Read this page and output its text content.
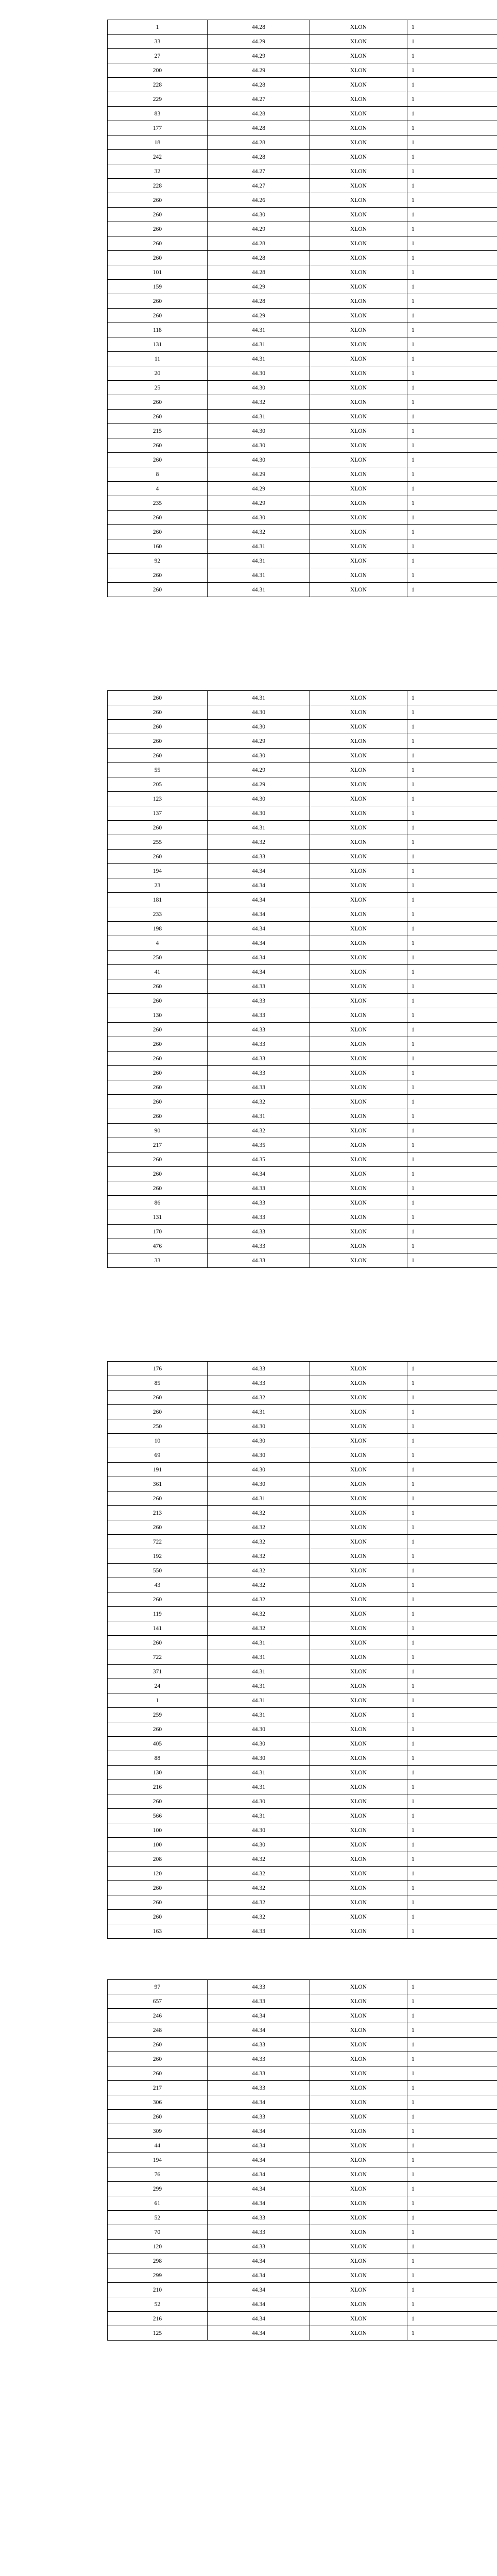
1	44.28	XLON	1
33	44.29	XLON	1
27	44.29	XLON	1
200	44.29	XLON	1
228	44.28	XLON	1
229	44.27	XLON	1
83	44.28	XLON	1
177	44.28	XLON	1
18	44.28	XLON	1
242	44.28	XLON	1
32	44.27	XLON	1
228	44.27	XLON	1
260	44.26	XLON	1
260	44.30	XLON	1
260	44.29	XLON	1
260	44.28	XLON	1
260	44.28	XLON	1
101	44.28	XLON	1
159	44.29	XLON	1
260	44.28	XLON	1
260	44.29	XLON	1
118	44.31	XLON	1
131	44.31	XLON	1
11	44.31	XLON	1
20	44.30	XLON	1
25	44.30	XLON	1
260	44.32	XLON	1
260	44.31	XLON	1
215	44.30	XLON	1
260	44.30	XLON	1
260	44.30	XLON	1
8	44.29	XLON	1
4	44.29	XLON	1
235	44.29	XLON	1
260	44.30	XLON	1
260	44.32	XLON	1
160	44.31	XLON	1
92	44.31	XLON	1
260	44.31	XLON	1
260	44.31	XLON	1
260	44.31	XLON	1
260	44.30	XLON	1
260	44.30	XLON	1
260	44.29	XLON	1
260	44.30	XLON	1
55	44.29	XLON	1
205	44.29	XLON	1
123	44.30	XLON	1
137	44.30	XLON	1
260	44.31	XLON	1
255	44.32	XLON	1
260	44.33	XLON	1
194	44.34	XLON	1
23	44.34	XLON	1
181	44.34	XLON	1
233	44.34	XLON	1
198	44.34	XLON	1
4	44.34	XLON	1
250	44.34	XLON	1
41	44.34	XLON	1
260	44.33	XLON	1
260	44.33	XLON	1
130	44.33	XLON	1
260	44.33	XLON	1
260	44.33	XLON	1
260	44.33	XLON	1
260	44.33	XLON	1
260	44.33	XLON	1
260	44.32	XLON	1
260	44.31	XLON	1
90	44.32	XLON	1
217	44.35	XLON	1
260	44.35	XLON	1
260	44.34	XLON	1
260	44.33	XLON	1
86	44.33	XLON	1
131	44.33	XLON	1
170	44.33	XLON	1
476	44.33	XLON	1
33	44.33	XLON	1
176	44.33	XLON	1
85	44.33	XLON	1
260	44.32	XLON	1
260	44.31	XLON	1
250	44.30	XLON	1
10	44.30	XLON	1
69	44.30	XLON	1
191	44.30	XLON	1
361	44.30	XLON	1
260	44.31	XLON	1
213	44.32	XLON	1
260	44.32	XLON	1
722	44.32	XLON	1
192	44.32	XLON	1
550	44.32	XLON	1
43	44.32	XLON	1
260	44.32	XLON	1
119	44.32	XLON	1
141	44.32	XLON	1
260	44.31	XLON	1
722	44.31	XLON	1
371	44.31	XLON	1
24	44.31	XLON	1
1	44.31	XLON	1
259	44.31	XLON	1
260	44.30	XLON	1
405	44.30	XLON	1
88	44.30	XLON	1
130	44.31	XLON	1
216	44.31	XLON	1
260	44.30	XLON	1
566	44.31	XLON	1
100	44.30	XLON	1
100	44.30	XLON	1
208	44.32	XLON	1
120	44.32	XLON	1
260	44.32	XLON	1
260	44.32	XLON	1
260	44.32	XLON	1
163	44.33	XLON	1
97	44.33	XLON	1
657	44.33	XLON	1
246	44.34	XLON	1
248	44.34	XLON	1
260	44.33	XLON	1
260	44.33	XLON	1
260	44.33	XLON	1
217	44.33	XLON	1
306	44.34	XLON	1
260	44.33	XLON	1
309	44.34	XLON	1
44	44.34	XLON	1
194	44.34	XLON	1
76	44.34	XLON	1
299	44.34	XLON	1
61	44.34	XLON	1
52	44.33	XLON	1
70	44.33	XLON	1
120	44.33	XLON	1
298	44.34	XLON	1
299	44.34	XLON	1
210	44.34	XLON	1
52	44.34	XLON	1
216	44.34	XLON	1
125	44.34	XLON	1
